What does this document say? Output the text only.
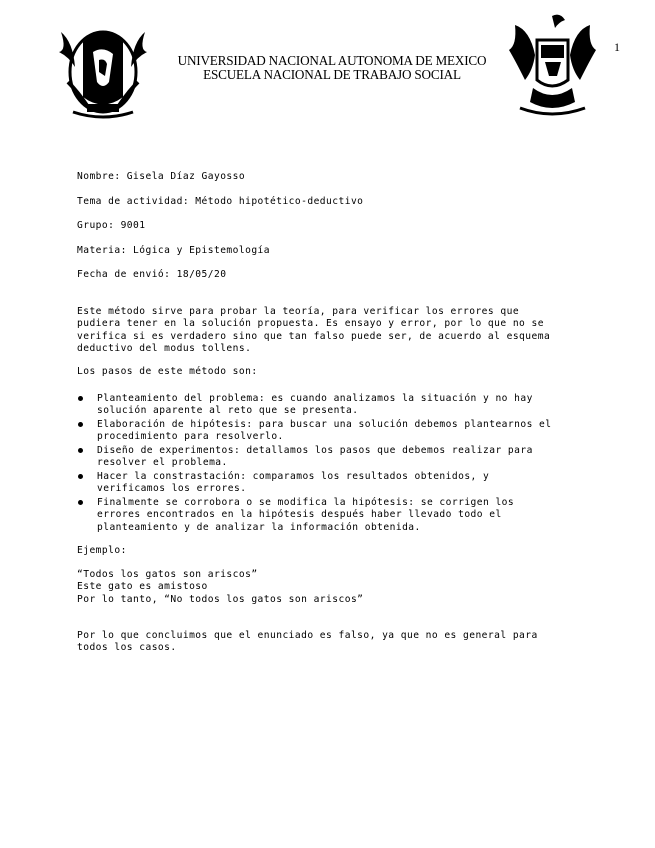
1
UNIVERSIDAD NACIONAL AUTONOMA DE MEXICO
ESCUELA NACIONAL DE TRABAJO SOCIAL
Nombre: Gisela Díaz Gayosso
Tema de actividad: Método hipotético-deductivo
Grupo: 9001
Materia: Lógica y Epistemología
Fecha de envió: 18/05/20
Este método sirve para probar la teoría, para verificar los errores que
pudiera tener en la solución propuesta. Es ensayo y error, por lo que no se
verifica si es verdadero sino que tan falso puede ser, de acuerdo al esquema
deductivo del modus tollens.
Los pasos de este método son:
Planteamiento del problema: es cuando analizamos la situación y no hay
solución aparente al reto que se presenta.
Elaboración de hipótesis: para buscar una solución debemos plantearnos el
procedimiento para resolverlo.
Diseño de experimentos: detallamos los pasos que debemos realizar para
resolver el problema.
Hacer la constrastación: comparamos los resultados obtenidos, y
verificamos los errores.
Finalmente se corrobora o se modifica la hipótesis: se corrigen los
errores encontrados en la hipótesis después haber llevado todo el
planteamiento y de analizar la información obtenida.
Ejemplo:
“Todos los gatos son ariscos”
Este gato es amistoso
Por lo tanto, “No todos los gatos son ariscos”
Por lo que concluimos que el enunciado es falso, ya que no es general para
todos los casos.
